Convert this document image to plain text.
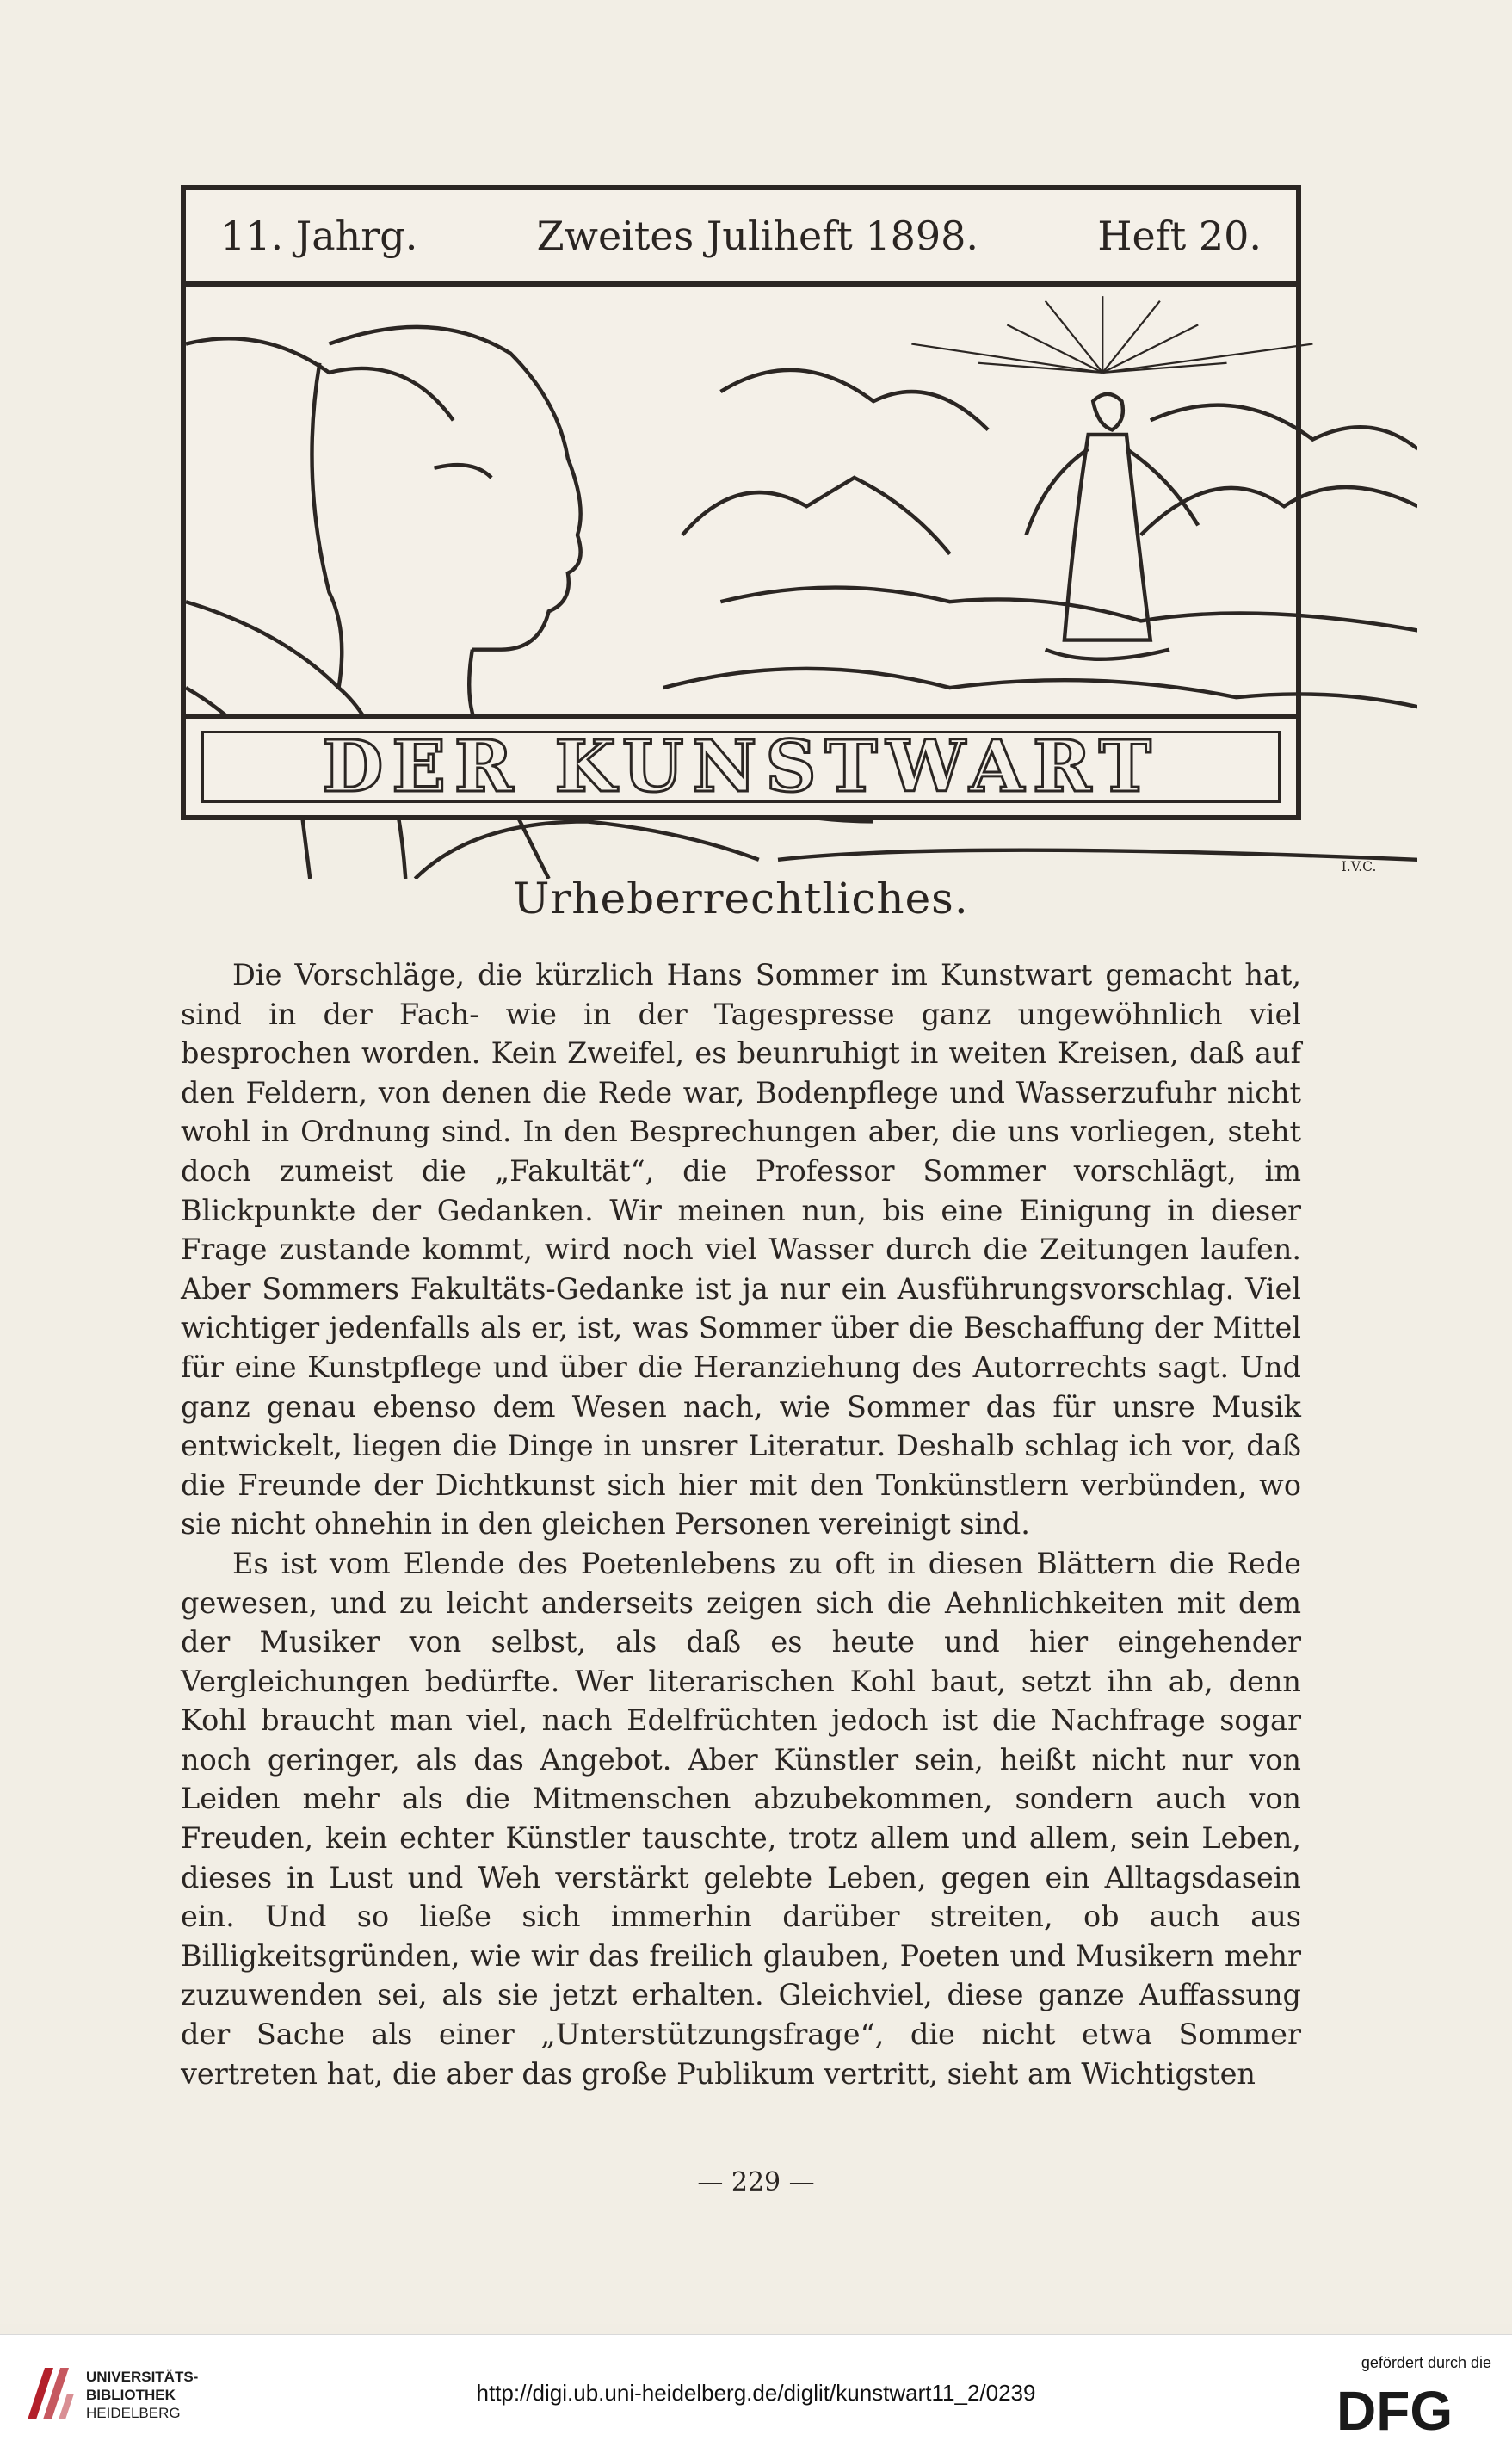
11. Jahrg.	Zweites Juliheft 1898.	Heft 20.
I.V.C.
DER KUNSTWART
Urheberrechtliches.

Die Vorschläge, die kürzlich Hans Sommer im Kunstwart gemacht hat, sind in der Fach- wie in der Tagespresse ganz ungewöhnlich viel besprochen worden. Kein Zweifel, es beunruhigt in weiten Kreisen, daß auf den Feldern, von denen die Rede war, Bodenpflege und Wasserzufuhr nicht wohl in Ordnung sind. In den Besprechungen aber, die uns vorliegen, steht doch zumeist die „Fakultät“, die Professor Sommer vorschlägt, im Blickpunkte der Gedanken. Wir meinen nun, bis eine Einigung in dieser Frage zustande kommt, wird noch viel Wasser durch die Zeitungen laufen. Aber Sommers Fakultäts-Gedanke ist ja nur ein Ausführungsvorschlag. Viel wichtiger jedenfalls als er, ist, was Sommer über die Beschaffung der Mittel für eine Kunstpflege und über die Heranziehung des Autorrechts sagt. Und ganz genau ebenso dem Wesen nach, wie Sommer das für unsre Musik entwickelt, liegen die Dinge in unsrer Literatur. Deshalb schlag ich vor, daß die Freunde der Dichtkunst sich hier mit den Tonkünstlern verbünden, wo sie nicht ohnehin in den gleichen Personen vereinigt sind.

Es ist vom Elende des Poetenlebens zu oft in diesen Blättern die Rede gewesen, und zu leicht anderseits zeigen sich die Aehnlichkeiten mit dem der Musiker von selbst, als daß es heute und hier eingehender Vergleichungen bedürfte. Wer literarischen Kohl baut, setzt ihn ab, denn Kohl braucht man viel, nach Edelfrüchten jedoch ist die Nachfrage sogar noch geringer, als das Angebot. Aber Künstler sein, heißt nicht nur von Leiden mehr als die Mitmenschen abzubekommen, sondern auch von Freuden, kein echter Künstler tauschte, trotz allem und allem, sein Leben, dieses in Lust und Weh verstärkt gelebte Leben, gegen ein Alltagsdasein ein. Und so ließe sich immerhin darüber streiten, ob auch aus Billigkeitsgründen, wie wir das freilich glauben, Poeten und Musikern mehr zuzuwenden sei, als sie jetzt erhalten. Gleichviel, diese ganze Auffassung der Sache als einer „Unterstützungsfrage“, die nicht etwa Sommer vertreten hat, die aber das große Publikum vertritt, sieht am Wichtigsten

— 229 —
UNIVERSITÄTS-
BIBLIOTHEK
HEIDELBERG
http://digi.ub.uni-heidelberg.de/diglit/kunstwart11_2/0239
gefördert durch die
DFG
